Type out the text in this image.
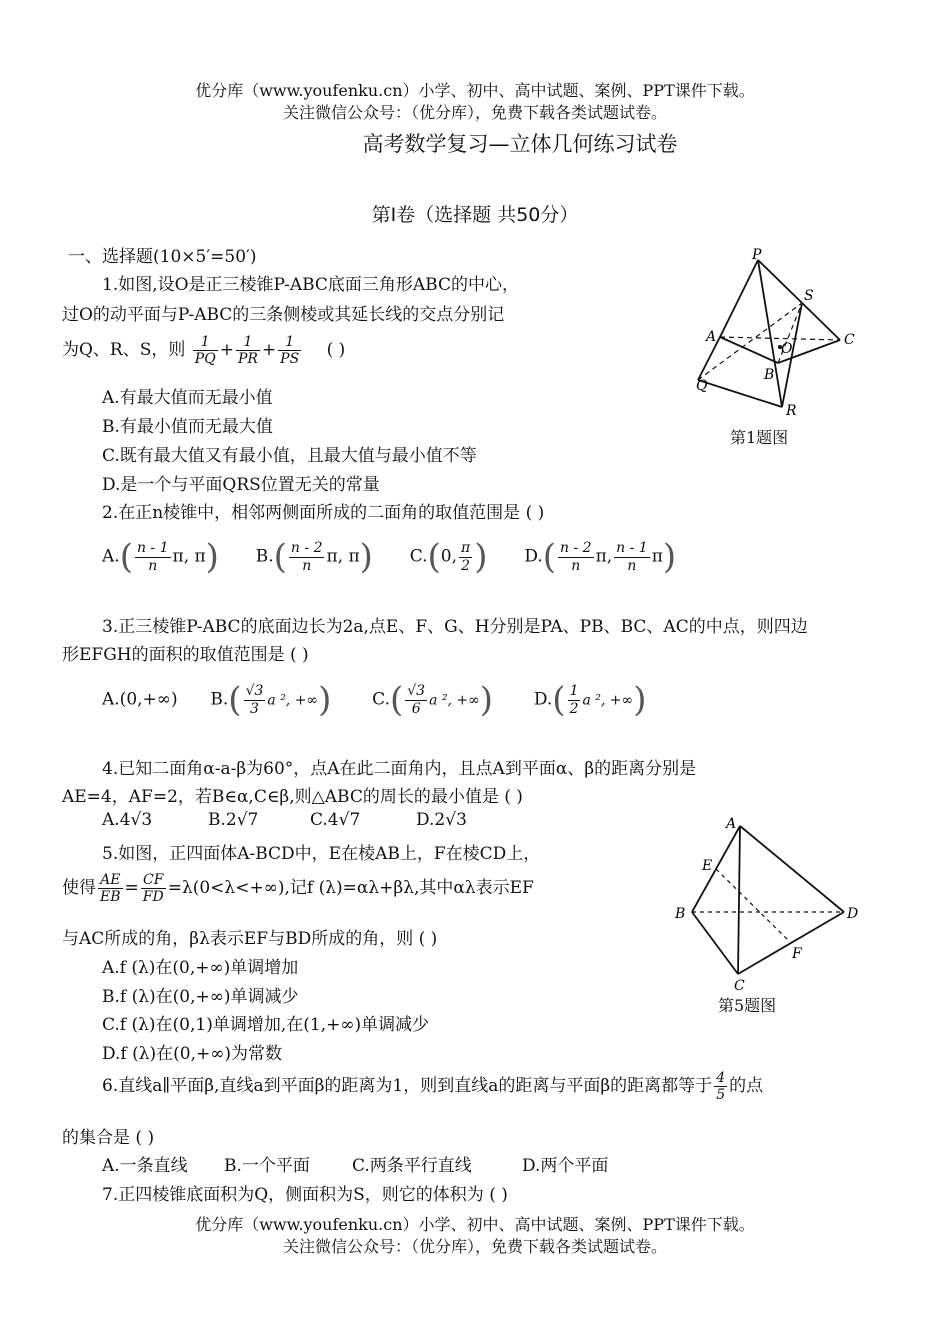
优分库（www.youfenku.cn）小学、初中、高中试题、案例、PPT课件下载。
关注微信公众号：（优分库），免费下载各类试题试卷。
高考数学复习—立体几何练习试卷
第Ⅰ卷（选择题 共50分）
一、选择题(10×5′=50′)
1.如图,设O是正三棱锥P-ABC底面三角形ABC的中心，
过O的动平面与P-ABC的三条侧棱或其延长线的交点分别记
为Q、R、S，则 $\frac{1}{PQ} + \frac{1}{PR} + \frac{1}{PS}$ ( )
A.有最大值而无最小值
B.有最小值而无最大值
C.既有最大值又有最小值，且最大值与最小值不等
D.是一个与平面QRS位置无关的常量
P
S
A
O
C
B
Q
R
第1题图
2.在正n棱锥中，相邻两侧面所成的二面角的取值范围是 ( )
$A.( \frac{n - 1}{n} \pi$, π) $B.( \frac{n - 2}{n} \pi$, π) C.(0, $\frac{\pi}{2}$ ) $D.( \frac{n - 2}{n} \pi$, $\frac{n - 1}{n} \pi$)
3.正三棱锥P-ABC的底面边长为2a,点E、F、G、H分别是PA、PB、BC、AC的中点，则四边
形EFGH的面积的取值范围是 ( )
A.(0,+∞) $B.( \frac{√3}{3}$ a ², +∞) $C.( \frac{√3}{6}$ a ², +∞) $D.( \frac{1}{2}$ a ², +∞)
4.已知二面角α-a-β为60°，点A在此二面角内，且点A到平面α、β的距离分别是
AE=4，AF=2，若B∈α,C∈β,则△ABC的周长的最小值是 ( )
A.4√3	B.2√7	C.4√7	D.2√3
5.如图，正四面体A-BCD中，E在棱AB上，F在棱CD上，
使得 $\frac{AE}{EB} = \frac{CF}{FD} =\lambda(0<\lambda<+\infty)$,记f (λ)=αλ+βλ,其中αλ表示EF
与AC所成的角，βλ表示EF与BD所成的角，则 ( )
A.f (λ)在(0,+∞)单调增加
B.f (λ)在(0,+∞)单调减少
C.f (λ)在(0,1)单调增加,在(1,+∞)单调减少
D.f (λ)在(0,+∞)为常数
A
E
B	D
F
C
第5题图
6.直线a∥平面β,直线a到平面β的距离为1，则到直线a的距离与平面β的距离都等于 $\frac{4}{5}$ 的点
的集合是 ( )
A.一条直线 B.一个平面 C.两条平行直线	D.两个平面
7.正四棱锥底面积为Q，侧面积为S，则它的体积为 ( )
优分库（www.youfenku.cn）小学、初中、高中试题、案例、PPT课件下载。
关注微信公众号：（优分库），免费下载各类试题试卷。
